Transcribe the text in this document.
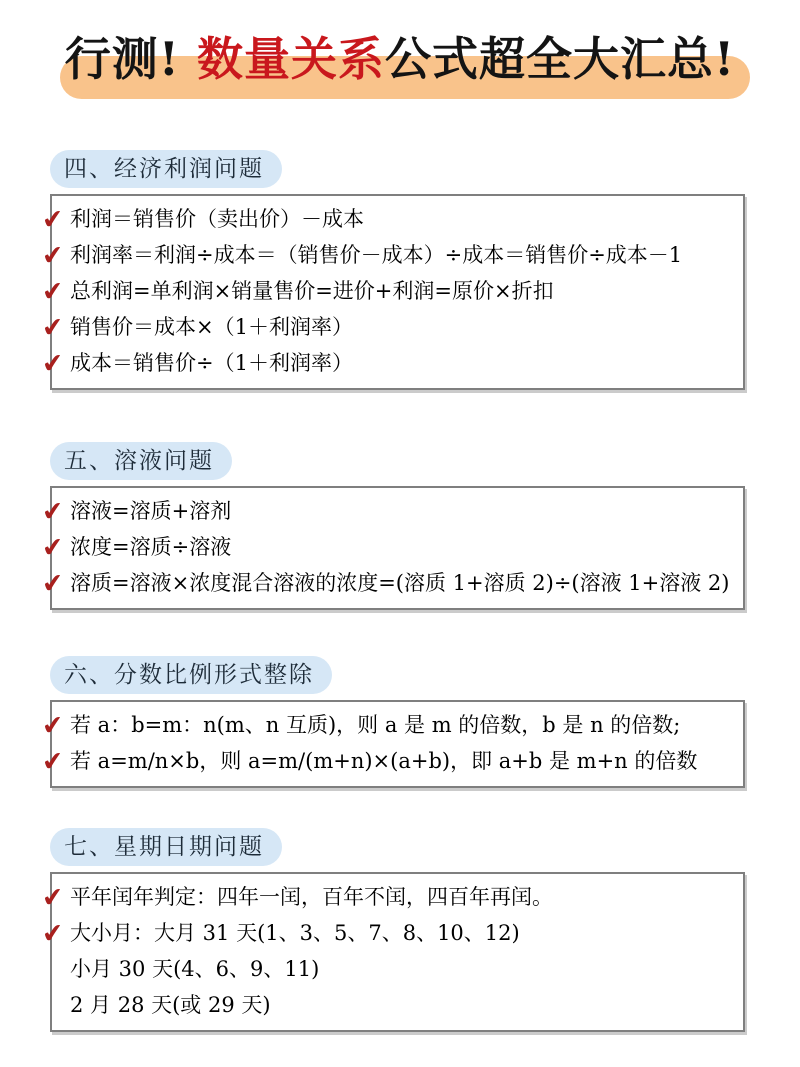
行测! 数量关系公式超全大汇总!
四、经济利润问题
✔ 利润＝销售价（卖出价）－成本
✔ 利润率＝利润÷成本＝（销售价－成本）÷成本＝销售价÷成本－1
✔ 总利润=单利润×销量售价=进价+利润=原价×折扣
✔ 销售价＝成本×（1＋利润率）
✔ 成本＝销售价÷（1＋利润率）
五、溶液问题
✔ 溶液=溶质+溶剂
✔ 浓度=溶质÷溶液
✔ 溶质=溶液×浓度混合溶液的浓度=(溶质 1+溶质 2)÷(溶液 1+溶液 2)
六、分数比例形式整除
✔ 若 a：b=m：n(m、n 互质)，则 a 是 m 的倍数，b 是 n 的倍数;
✔ 若 a=m/n×b，则 a=m/(m+n)×(a+b)，即 a+b 是 m+n 的倍数
七、星期日期问题
✔ 平年闰年判定：四年一闰，百年不闰，四百年再闰。
✔ 大小月：大月 31 天(1、3、5、7、8、10、12)
小月 30 天(4、6、9、11)
2 月 28 天(或 29 天)
